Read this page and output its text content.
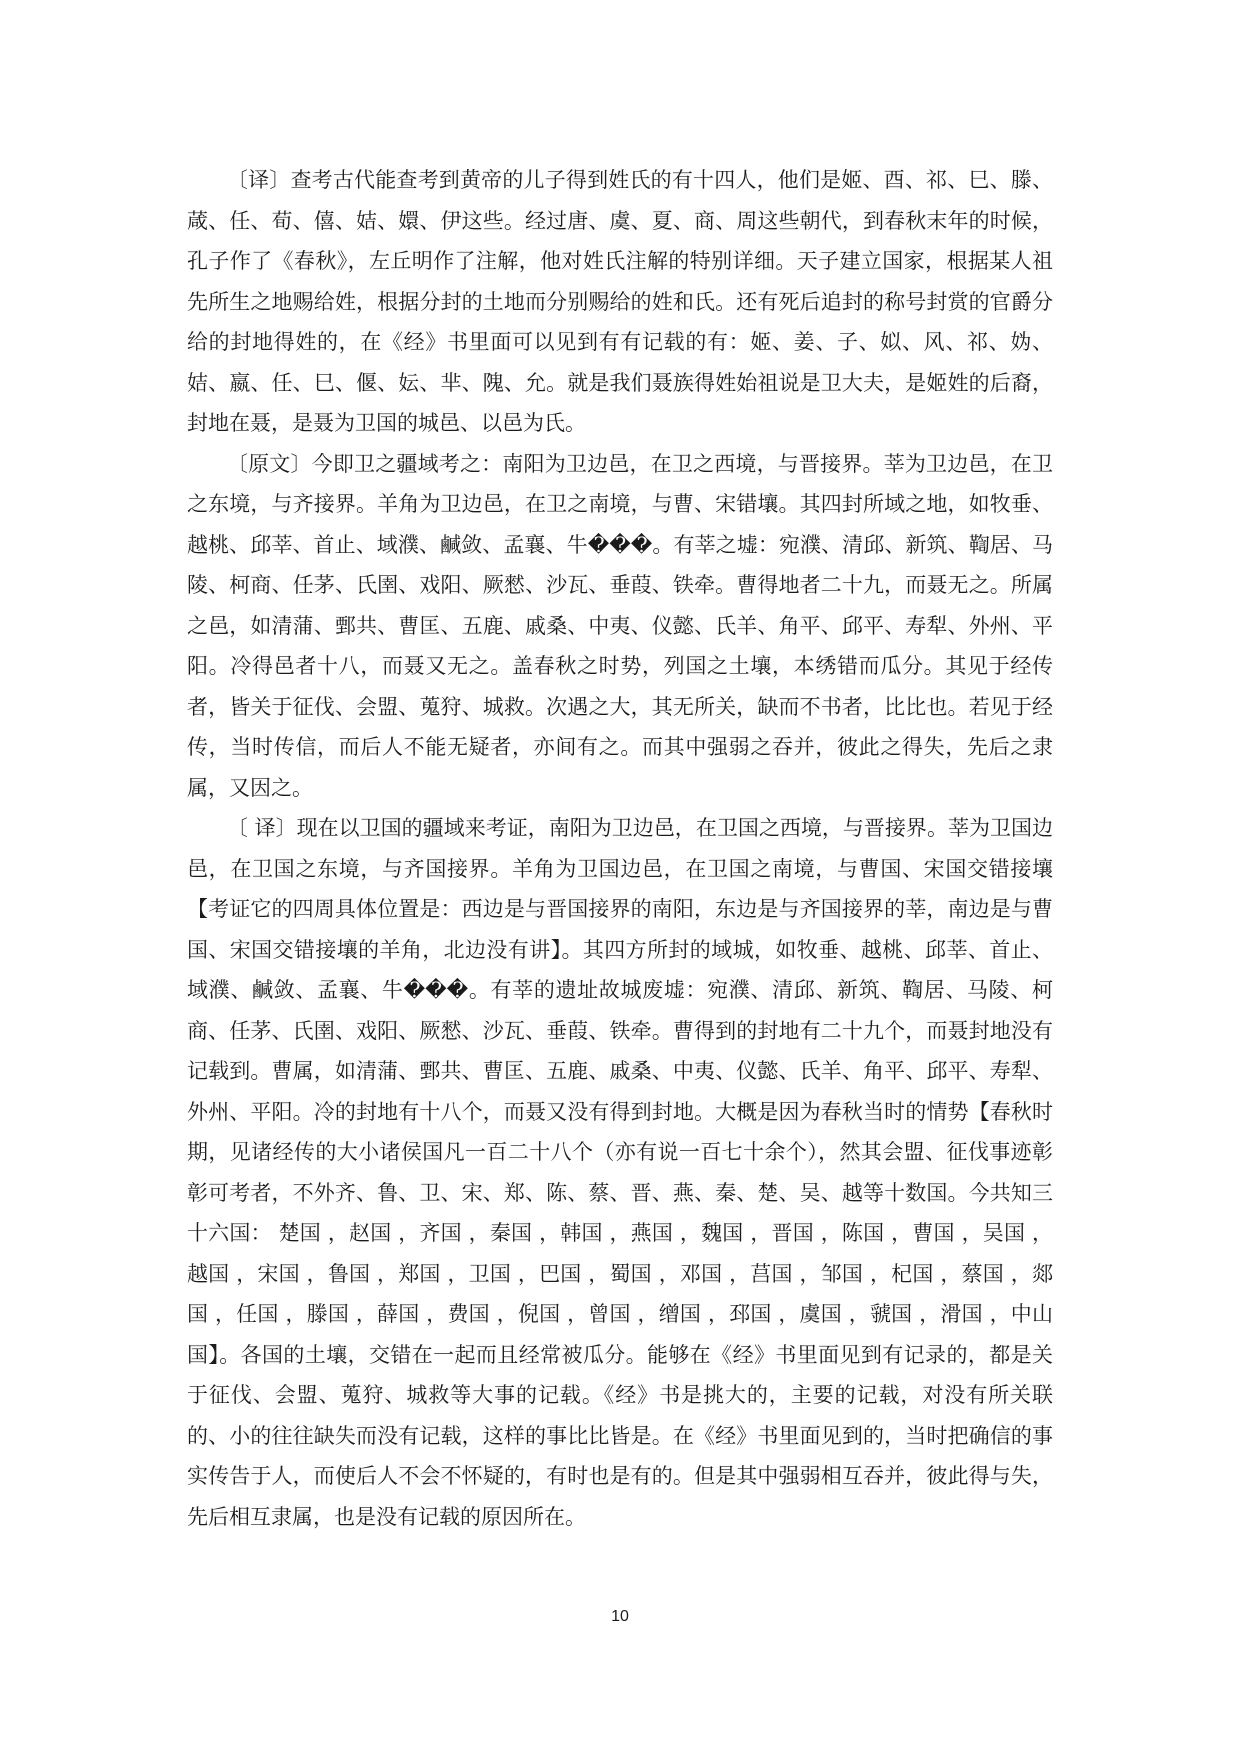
〔译〕查考古代能查考到黄帝的儿子得到姓氏的有十四人，他们是姬、酉、祁、巳、滕、葴、任、荀、僖、姞、嬛、伊这些。经过唐、虞、夏、商、周这些朝代，到春秋末年的时候，孔子作了《春秋》，左丘明作了注解，他对姓氏注解的特别详细。天子建立国家，根据某人祖先所生之地赐给姓，根据分封的土地而分别赐给的姓和氏。还有死后追封的称号封赏的官爵分给的封地得姓的，在《经》书里面可以见到有有记载的有：姬、姜、子、姒、风、祁、妫、姞、嬴、任、巳、偃、妘、芈、隗、允。就是我们聂族得姓始祖说是卫大夫，是姬姓的后裔，封地在聂，是聂为卫国的城邑、以邑为氏。

〔原文〕今即卫之疆域考之：南阳为卫边邑，在卫之西境，与晋接界。莘为卫边邑，在卫之东境，与齐接界。羊角为卫边邑，在卫之南境，与曹、宋错壤。其四封所域之地，如牧垂、越桃、邱莘、首止、域濮、鹹敛、孟襄、牛���。有莘之墟：宛濮、清邱、新筑、鞫居、马陵、柯商、任茅、氏圉、戏阳、厥憖、沙瓦、垂葭、铁牵。曹得地者二十九，而聂无之。所属之邑，如清蒲、鄄共、曹匡、五鹿、戚桑、中夷、仪懿、氏羊、角平、邱平、寿犁、外州、平阳。冷得邑者十八，而聂又无之。盖春秋之时势，列国之土壤，本绣错而瓜分。其见于经传者，皆关于征伐、会盟、蒐狩、城救。次遇之大，其无所关，缺而不书者，比比也。若见于经传，当时传信，而后人不能无疑者，亦间有之。而其中强弱之吞并，彼此之得失，先后之隶属，又因之。

〔 译〕现在以卫国的疆域来考证，南阳为卫边邑，在卫国之西境，与晋接界。莘为卫国边邑，在卫国之东境，与齐国接界。羊角为卫国边邑，在卫国之南境，与曹国、宋国交错接壤【考证它的四周具体位置是：西边是与晋国接界的南阳，东边是与齐国接界的莘，南边是与曹国、宋国交错接壤的羊角，北边没有讲】。其四方所封的域城，如牧垂、越桃、邱莘、首止、域濮、鹹敛、孟襄、牛���。有莘的遗址故城废墟：宛濮、清邱、新筑、鞫居、马陵、柯商、任茅、氏圉、戏阳、厥憖、沙瓦、垂葭、铁牵。曹得到的封地有二十九个，而聂封地没有记载到。曹属，如清蒲、鄄共、曹匡、五鹿、戚桑、中夷、仪懿、氏羊、角平、邱平、寿犁、外州、平阳。冷的封地有十八个，而聂又没有得到封地。大概是因为春秋当时的情势【春秋时期，见诸经传的大小诸侯国凡一百二十八个（亦有说一百七十余个），然其会盟、征伐事迹彰彰可考者，不外齐、鲁、卫、宋、郑、陈、蔡、晋、燕、秦、楚、吴、越等十数国。今共知三十六国： 楚国 ，赵国 ，齐国 ，秦国 ，韩国 ，燕国 ，魏国 ，晋国 ，陈国 ，曹国 ，吴国 ，越国 ，宋国 ，鲁国 ，郑国 ，卫国 ，巴国 ，蜀国 ，邓国 ，莒国 ，邹国 ，杞国 ，蔡国 ，郯国 ，任国 ，滕国 ，薛国 ，费国 ，倪国 ，曾国 ，缯国 ，邳国 ，虞国 ，虢国 ，滑国 ，中山国】。各国的土壤，交错在一起而且经常被瓜分。能够在《经》书里面见到有记录的，都是关于征伐、会盟、蒐狩、城救等大事的记载。《经》书是挑大的，主要的记载，对没有所关联的、小的往往缺失而没有记载，这样的事比比皆是。在《经》书里面见到的，当时把确信的事实传告于人，而使后人不会不怀疑的，有时也是有的。但是其中强弱相互吞并，彼此得与失，先后相互隶属，也是没有记载的原因所在。

10
